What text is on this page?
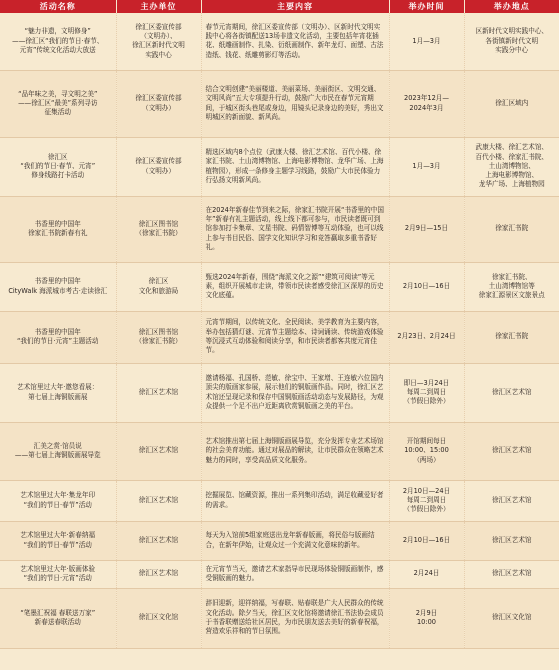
活动名称	主办单位	主要内容	举办时间	举办地点

“魅力非遗，文明修身”
——徐汇区“我们的节日·春节、
元宵”传统文化活动大放送	徐汇区委宣传部
（文明办）、
徐汇区新时代文明
实践中心	春节元宵期间，徐汇区委宣传部（文明办）、区新时代文明实践中心将各街镇配送13场非遗文化活动，主要包括年宵花插花、纸雕画制作、扎染、衍纸画制作、新年龙灯、面塑、古法造纸、钱花、纸雕剪影灯等活动。	1月—3月	区新时代文明实践中心、
各街镇新时代文明
实践分中心

“品年味之美，寻文明之美”
——徐汇区“最美”系列寻访
征集活动	徐汇区委宣传部
（文明办）	结合文明创建“美丽楼道、美丽菜场、美丽街区、文明交通、文明风尚”五大专项提升行动，鼓励广大市民在春节元宵期间，于城区街头巷尾或身边，用镜头记录身边的美好，秀出文明城区的新面貌、新风尚。	2023年12月—
2024年3月	徐汇区域内

徐汇区
“我们的节日·春节、元宵”
修身线路打卡活动	徐汇区委宣传部
（文明办）	精选区域内8个点位（武康大楼、徐汇艺术馆、百代小楼、徐家汇书院、土山湾博物馆、上海电影博物馆、龙华广场、上海植物园），形成一条修身主题学习线路，鼓励广大市民体验力行弘扬文明新风尚。	1月—3月	武康大楼、徐汇艺术馆、
百代小楼、徐家汇书院、
土山湾博物馆、
上海电影博物馆、
龙华广场、上海植物园

书香里的中国年
徐家汇书院新春有礼	徐汇区图书馆
（徐家汇书院）	在2024年新春佳节到来之际，徐家汇书院开展“书香里的中国年”新春有礼主题活动，线上线下都可参与，市民读者既可到馆参加打卡集章、文星书院、码情智博等互动体验，也可以线上参与书目民俗、国学文化知识学习和竞答赢取多重书香好礼。	2月9日—15日	徐家汇书院

书香里的中国年
CityWalk 海派城市考古·走读徐汇	徐汇区
文化和旅游局	甄选2024年新春，围绕“海派文化之源”“建筑可阅读”等元素，组织开展城市走读，带领市民读者感受徐汇区深厚的历史文化底蕴。	2月10日—16日	徐家汇书院、
土山湾博物馆等
徐家汇源景区文旅景点

书香里的中国年
“我们的节日·元宵”主题活动	徐汇区图书馆
（徐家汇书院）	元宵节期间，以传统文化、全民阅读、美学教育为主要内容，举办包括猜灯谜、元宵节主题绘本、诗词诵读、传统游戏体验等沉浸式互动体验和阅读分享，和市民读者都客共度元宵佳节。	2月23日、2月24日	徐家汇书院

艺术馆里过大年·邀您看展：
第七届上海铜版画展	徐汇区艺术馆	邀请杨福、孔国桥、范敏、徐宝中、王家增、王连敏六位国内顶尖的版画家参展，展示他们的铜版画作品。同时，徐汇区艺术馆还呈现记录和保存中国铜版画活动动态与发展路径，为观众提供一个足不出户近距离欣赏铜版画之美的平台。	即日—3月24日
每周二到周日
（节假日除外）	徐汇区艺术馆

汇美之赏·馆员说
——第七届上海铜版画展导览	徐汇区艺术馆	艺术馆推出第七届上海铜版画展导览，充分发挥专业艺术场馆的社会美育功能。通过对展品的解读，让市民群众在领略艺术魅力的同时，享受高品质文化服务。	开馆期间每日
10:00、15:00
（两场）	徐汇区艺术馆

艺术馆里过大年·集龙年印
“我们的节日·春节”活动	徐汇区艺术馆	挖掘展览、馆藏资源，推出一系列集印活动，满足收藏爱好者的需求。	2月10日—24日
每周二到周日
（节假日除外）	徐汇区艺术馆

艺术馆里过大年·新春纳福
“我们的节日·春节”活动	徐汇区艺术馆	每天为入馆前5组家庭送出龙年新春版画，将民俗与版画结合，在新年伊始，让观众过一个充满文化意味的新年。	2月10日—16日	徐汇区艺术馆

艺术馆里过大年·版画体验
“我们的节日·元宵”活动	徐汇区艺术馆	在元宵节当天，邀请艺术家指导市民现场体验铜版画制作，感受铜版画的魅力。	2月24日	徐汇区艺术馆

“笔墨汇祝福 春联送万家”
新春送春联活动	徐汇区文化馆	辞旧迎新，迎祥纳福，写春联、贴春联是广大人民群众的传统文化活动。除夕当天，徐汇区文化馆将邀请徐汇书法协会成员于书香联赠送给社区居民，为市民朋友送去美好的新春祝福，营造欢乐祥和的节日氛围。	2月9日
10:00	徐汇区文化馆
